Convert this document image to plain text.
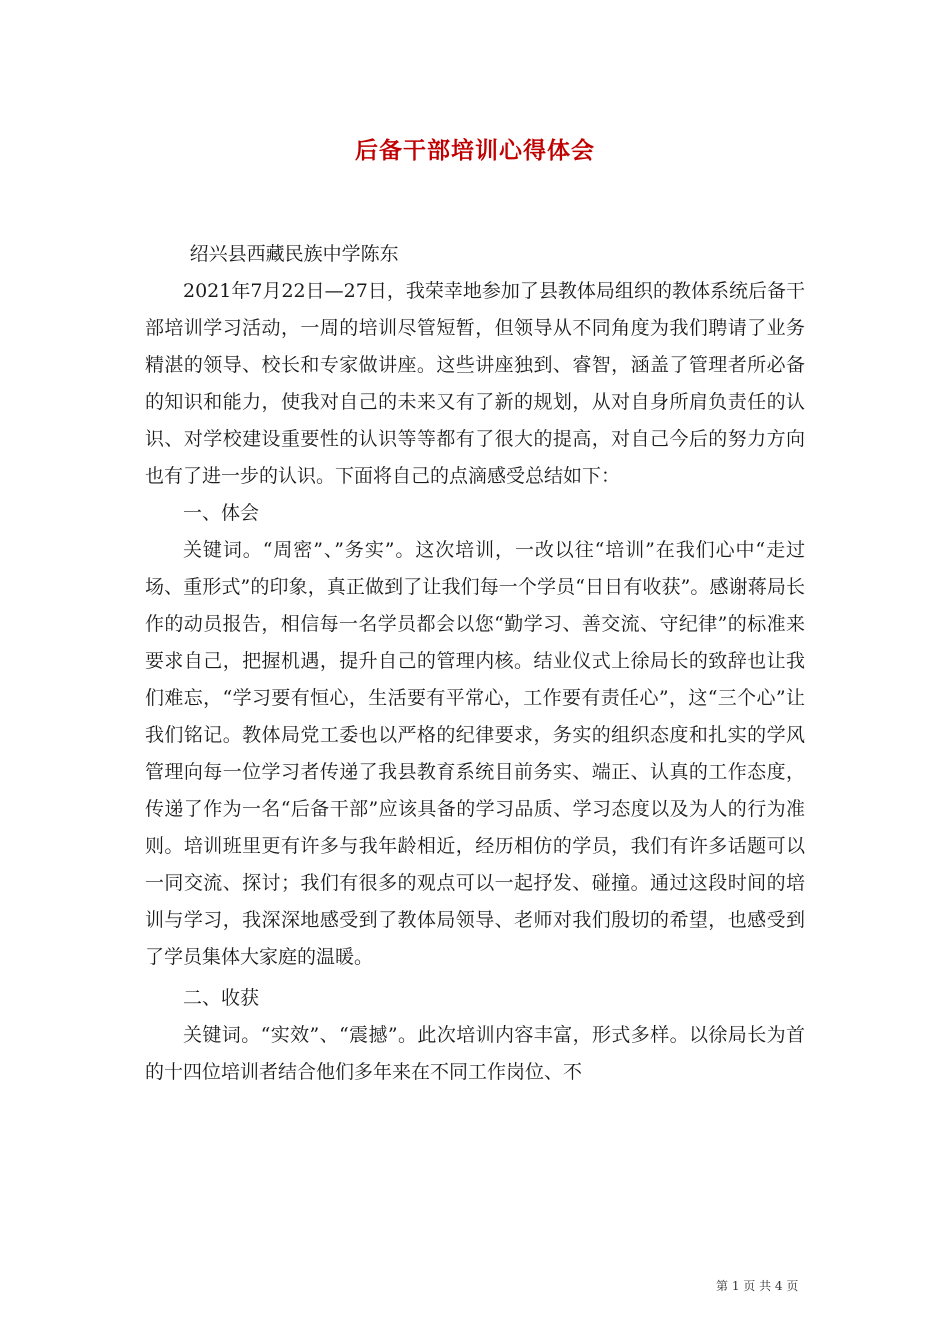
后备干部培训心得体会

绍兴县西藏民族中学陈东

2021年7月22日—27日，我荣幸地参加了县教体局组织的教体系统后备干部培训学习活动，一周的培训尽管短暂，但领导从不同角度为我们聘请了业务精湛的领导、校长和专家做讲座。这些讲座独到、睿智，涵盖了管理者所必备的知识和能力，使我对自己的未来又有了新的规划，从对自身所肩负责任的认识、对学校建设重要性的认识等等都有了很大的提高，对自己今后的努力方向也有了进一步的认识。下面将自己的点滴感受总结如下：

一、体会

关键词。“周密”、”务实”。这次培训，一改以往“培训”在我们心中“走过场、重形式”的印象，真正做到了让我们每一个学员“日日有收获”。感谢蒋局长作的动员报告，相信每一名学员都会以您“勤学习、善交流、守纪律”的标准来要求自己，把握机遇，提升自己的管理内核。结业仪式上徐局长的致辞也让我们难忘，“学习要有恒心，生活要有平常心，工作要有责任心”，这“三个心”让我们铭记。教体局党工委也以严格的纪律要求，务实的组织态度和扎实的学风管理向每一位学习者传递了我县教育系统目前务实、端正、认真的工作态度，传递了作为一名“后备干部”应该具备的学习品质、学习态度以及为人的行为准则。培训班里更有许多与我年龄相近，经历相仿的学员，我们有许多话题可以一同交流、探讨；我们有很多的观点可以一起抒发、碰撞。通过这段时间的培训与学习，我深深地感受到了教体局领导、老师对我们殷切的希望，也感受到了学员集体大家庭的温暖。

二、收获

关键词。“实效”、“震撼”。此次培训内容丰富，形式多样。以徐局长为首的十四位培训者结合他们多年来在不同工作岗位、不

第 1 页 共 4 页
